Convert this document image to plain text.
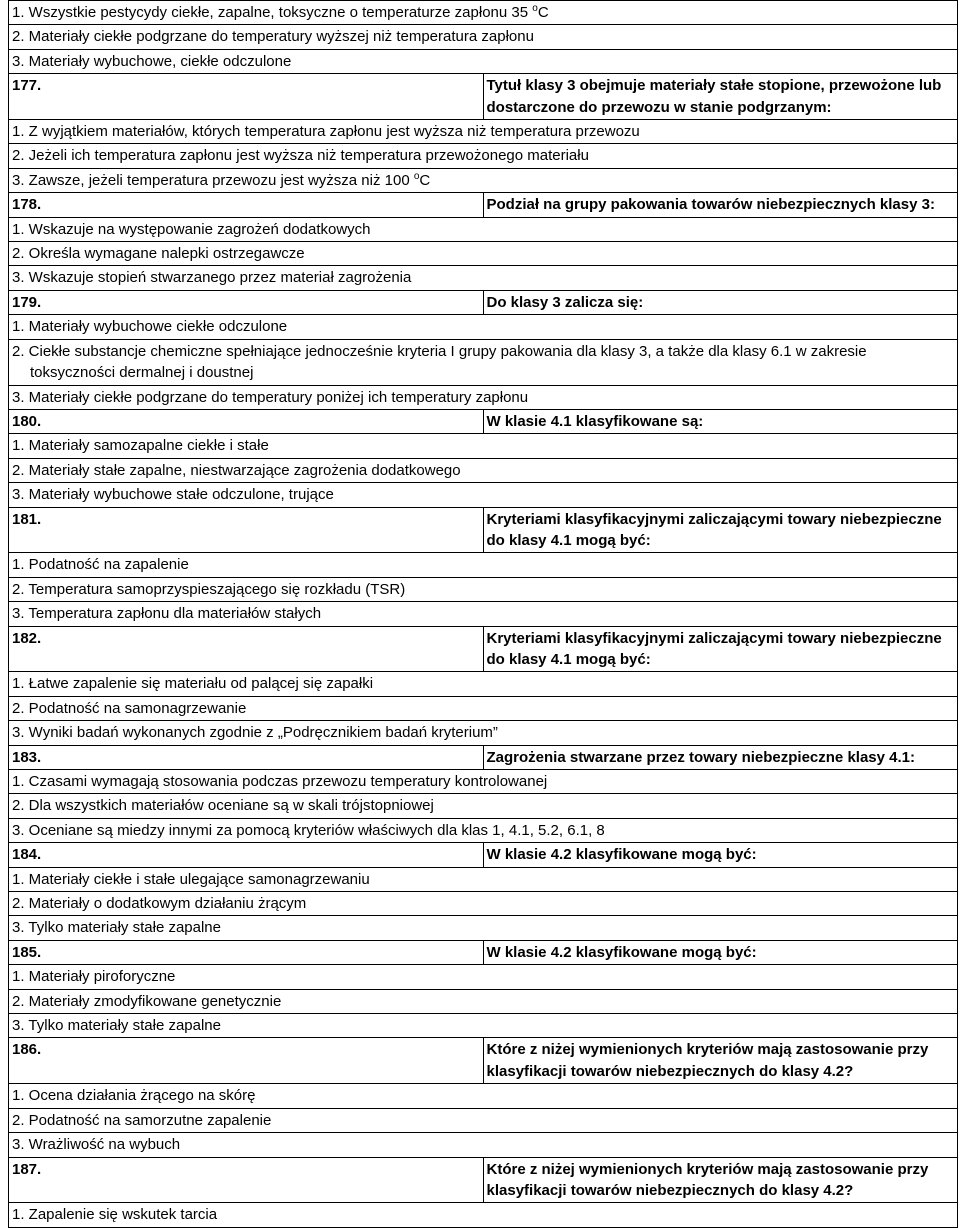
1. Wszystkie pestycydy ciekłe, zapalne, toksyczne o temperaturze zapłonu 35 $^o$C	
2. Materiały ciekłe podgrzane do temperatury wyższej niż temperatura zapłonu	
3. Materiały wybuchowe, ciekłe odczulone	
177.	Tytuł klasy 3 obejmuje materiały stałe stopione, przewożone lub dostarczone do przewozu w stanie podgrzanym:

1. Z wyjątkiem materiałów, których temperatura zapłonu jest wyższa niż temperatura przewozu	

2. Jeżeli ich temperatura zapłonu jest wyższa niż temperatura przewożonego materiału	

3. Zawsze, jeżeli temperatura przewozu jest wyższa niż 100 $^o$C	

178.	Podział na grupy pakowania towarów niebezpiecznych klasy 3:

1. Wskazuje na występowanie zagrożeń dodatkowych	

2. Określa wymagane nalepki ostrzegawcze	

3. Wskazuje stopień stwarzanego przez materiał zagrożenia	

179.	Do klasy 3 zalicza się:

1. Materiały wybuchowe ciekłe odczulone	

2. Ciekłe substancje chemiczne spełniające jednocześnie kryteria I grupy pakowania dla klasy 3, a także dla klasy 6.1 w zakresie toksyczności dermalnej i doustnej	

3. Materiały ciekłe podgrzane do temperatury poniżej ich temperatury zapłonu	

180.	W klasie 4.1 klasyfikowane są:

1. Materiały samozapalne ciekłe i stałe	

2. Materiały stałe zapalne, niestwarzające zagrożenia dodatkowego	

3. Materiały wybuchowe stałe odczulone, trujące	

181.	Kryteriami klasyfikacyjnymi zaliczającymi towary niebezpieczne do klasy 4.1 mogą być:

1. Podatność na zapalenie	

2. Temperatura samoprzyspieszającego się rozkładu (TSR)	

3. Temperatura zapłonu dla materiałów stałych	

182.	Kryteriami klasyfikacyjnymi zaliczającymi towary niebezpieczne do klasy 4.1 mogą być:

1. Łatwe zapalenie się materiału od palącej się zapałki	

2. Podatność na samonagrzewanie	

3. Wyniki badań wykonanych zgodnie z „Podręcznikiem badań kryterium”	

183.	Zagrożenia stwarzane przez towary niebezpieczne klasy 4.1:

1. Czasami wymagają stosowania podczas przewozu temperatury kontrolowanej	

2. Dla wszystkich materiałów oceniane są w skali trójstopniowej	

3. Oceniane są miedzy innymi za pomocą kryteriów właściwych dla klas 1, 4.1, 5.2, 6.1, 8	

184.	W klasie 4.2 klasyfikowane mogą być:

1. Materiały ciekłe i stałe ulegające samonagrzewaniu	

2. Materiały o dodatkowym działaniu żrącym	

3. Tylko materiały stałe zapalne	

185.	W klasie 4.2 klasyfikowane mogą być:

1. Materiały piroforyczne	

2. Materiały zmodyfikowane genetycznie	

3. Tylko materiały stałe zapalne	

186.	Które z niżej wymienionych kryteriów mają zastosowanie przy klasyfikacji towarów niebezpiecznych do klasy 4.2?

1. Ocena działania żrącego na skórę	

2. Podatność na samorzutne zapalenie	

3. Wrażliwość na wybuch	

187.	Które z niżej wymienionych kryteriów mają zastosowanie przy klasyfikacji towarów niebezpiecznych do klasy 4.2?

1. Zapalenie się wskutek tarcia	
